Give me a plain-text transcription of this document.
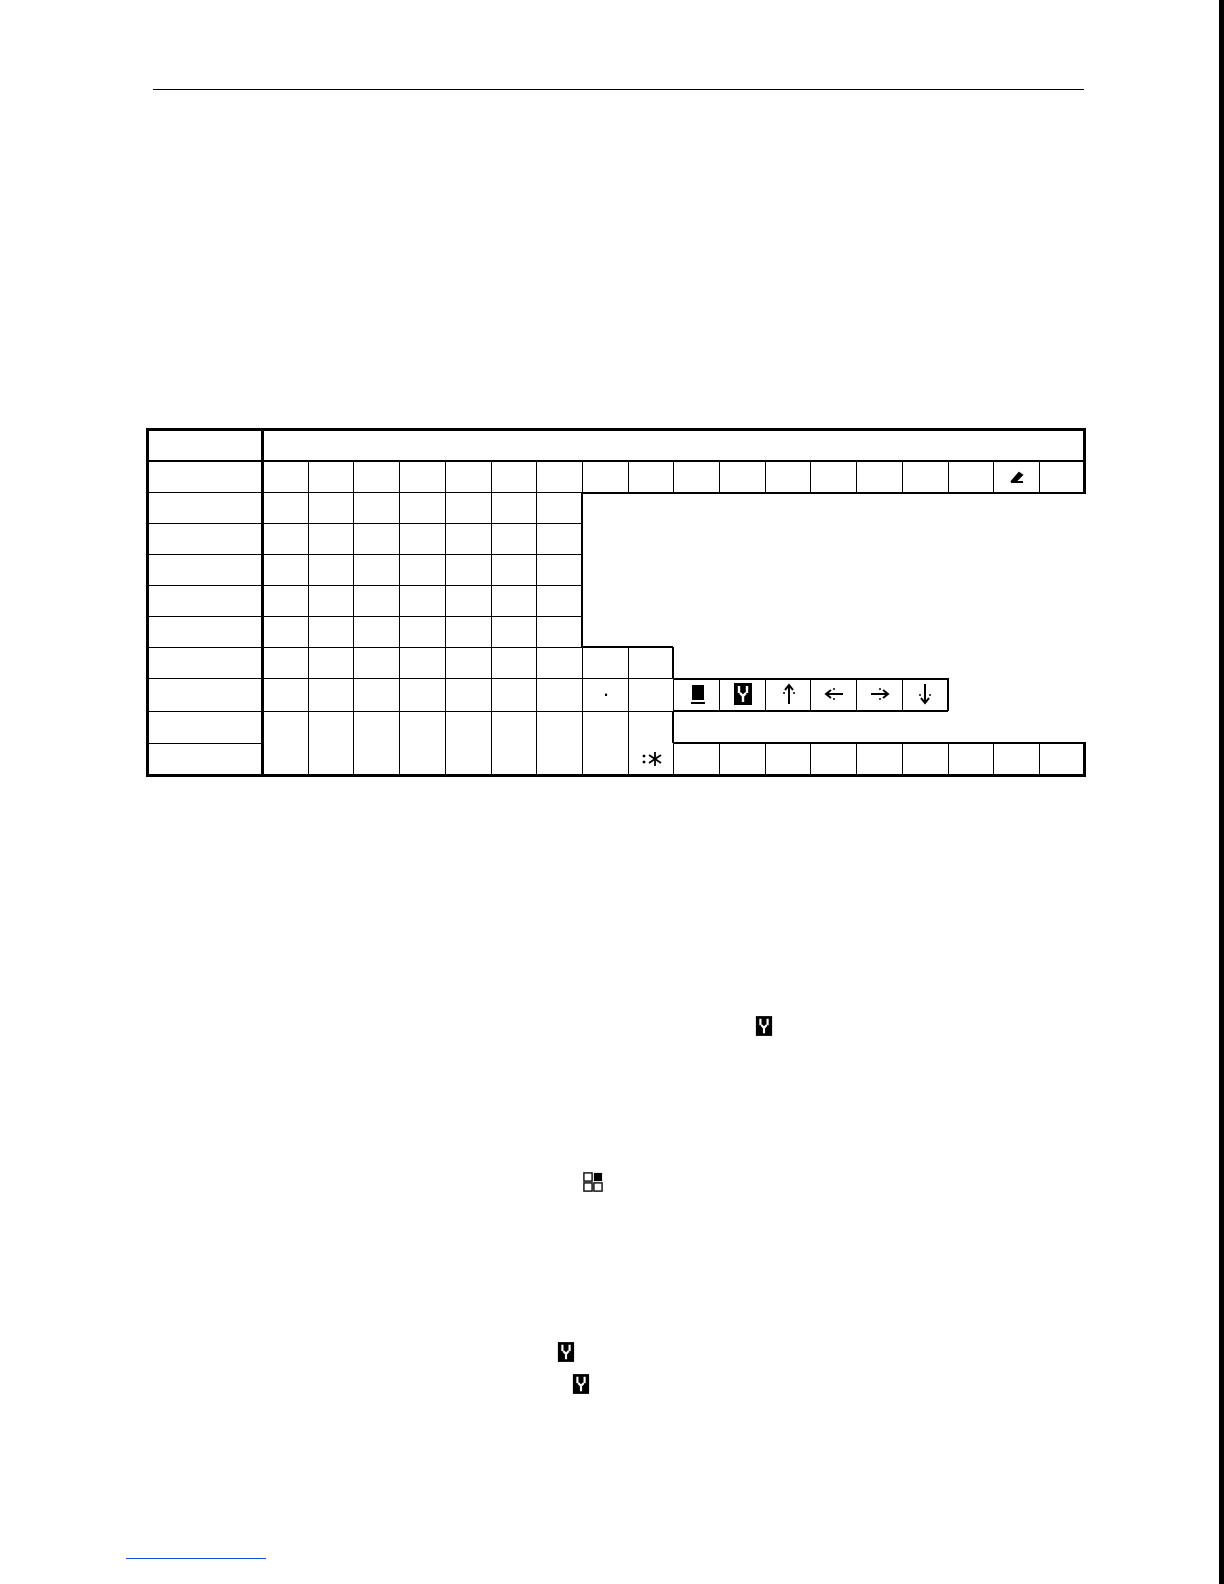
·
